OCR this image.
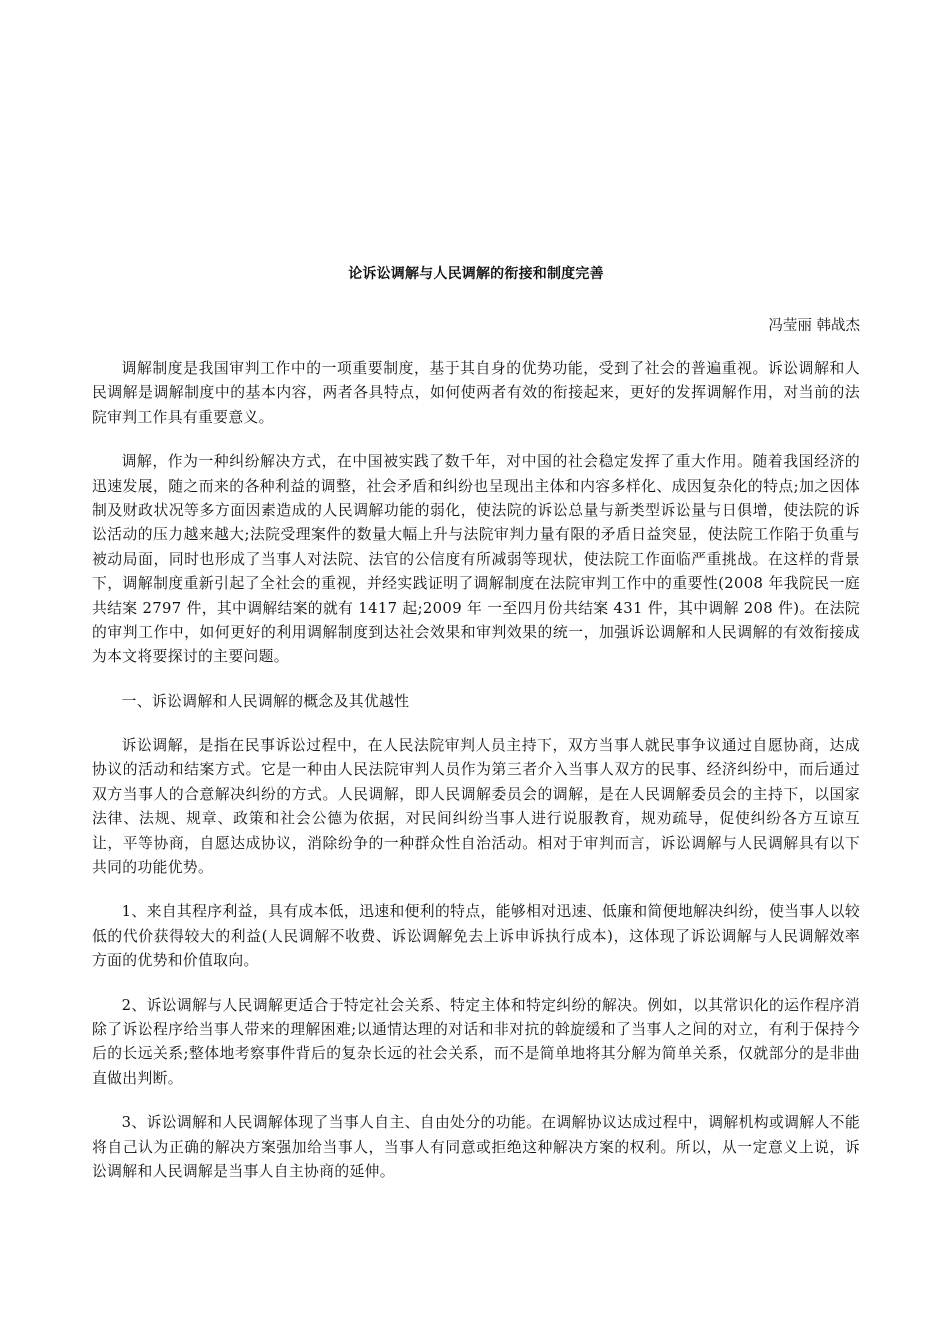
论诉讼调解与人民调解的衔接和制度完善
冯莹丽 韩战杰

调解制度是我国审判工作中的一项重要制度，基于其自身的优势功能，受到了社会的普遍重视。诉讼调解和人民调解是调解制度中的基本内容，两者各具特点，如何使两者有效的衔接起来，更好的发挥调解作用，对当前的法院审判工作具有重要意义。

调解，作为一种纠纷解决方式，在中国被实践了数千年，对中国的社会稳定发挥了重大作用。随着我国经济的迅速发展，随之而来的各种利益的调整，社会矛盾和纠纷也呈现出主体和内容多样化、成因复杂化的特点;加之因体制及财政状况等多方面因素造成的人民调解功能的弱化，使法院的诉讼总量与新类型诉讼量与日俱增，使法院的诉讼活动的压力越来越大;法院受理案件的数量大幅上升与法院审判力量有限的矛盾日益突显，使法院工作陷于负重与被动局面，同时也形成了当事人对法院、法官的公信度有所减弱等现状，使法院工作面临严重挑战。在这样的背景下，调解制度重新引起了全社会的重视，并经实践证明了调解制度在法院审判工作中的重要性(2008 年我院民一庭共结案 2797 件，其中调解结案的就有 1417 起;2009 年 一至四月份共结案 431 件，其中调解 208 件)。在法院的审判工作中，如何更好的利用调解制度到达社会效果和审判效果的统一，加强诉讼调解和人民调解的有效衔接成为本文将要探讨的主要问题。

一、诉讼调解和人民调解的概念及其优越性

诉讼调解，是指在民事诉讼过程中，在人民法院审判人员主持下，双方当事人就民事争议通过自愿协商，达成协议的活动和结案方式。它是一种由人民法院审判人员作为第三者介入当事人双方的民事、经济纠纷中，而后通过双方当事人的合意解决纠纷的方式。人民调解，即人民调解委员会的调解，是在人民调解委员会的主持下，以国家法律、法规、规章、政策和社会公德为依据，对民间纠纷当事人进行说服教育，规劝疏导，促使纠纷各方互谅互让，平等协商，自愿达成协议，消除纷争的一种群众性自治活动。相对于审判而言，诉讼调解与人民调解具有以下共同的功能优势。

1、来自其程序利益，具有成本低，迅速和便利的特点，能够相对迅速、低廉和简便地解决纠纷，使当事人以较低的代价获得较大的利益(人民调解不收费、诉讼调解免去上诉申诉执行成本)，这体现了诉讼调解与人民调解效率方面的优势和价值取向。

2、诉讼调解与人民调解更适合于特定社会关系、特定主体和特定纠纷的解决。例如，以其常识化的运作程序消除了诉讼程序给当事人带来的理解困难;以通情达理的对话和非对抗的斡旋缓和了当事人之间的对立，有利于保持今后的长远关系;整体地考察事件背后的复杂长远的社会关系，而不是简单地将其分解为简单关系，仅就部分的是非曲直做出判断。

3、诉讼调解和人民调解体现了当事人自主、自由处分的功能。在调解协议达成过程中，调解机构或调解人不能将自己认为正确的解决方案强加给当事人，当事人有同意或拒绝这种解决方案的权利。所以，从一定意义上说，诉讼调解和人民调解是当事人自主协商的延伸。
